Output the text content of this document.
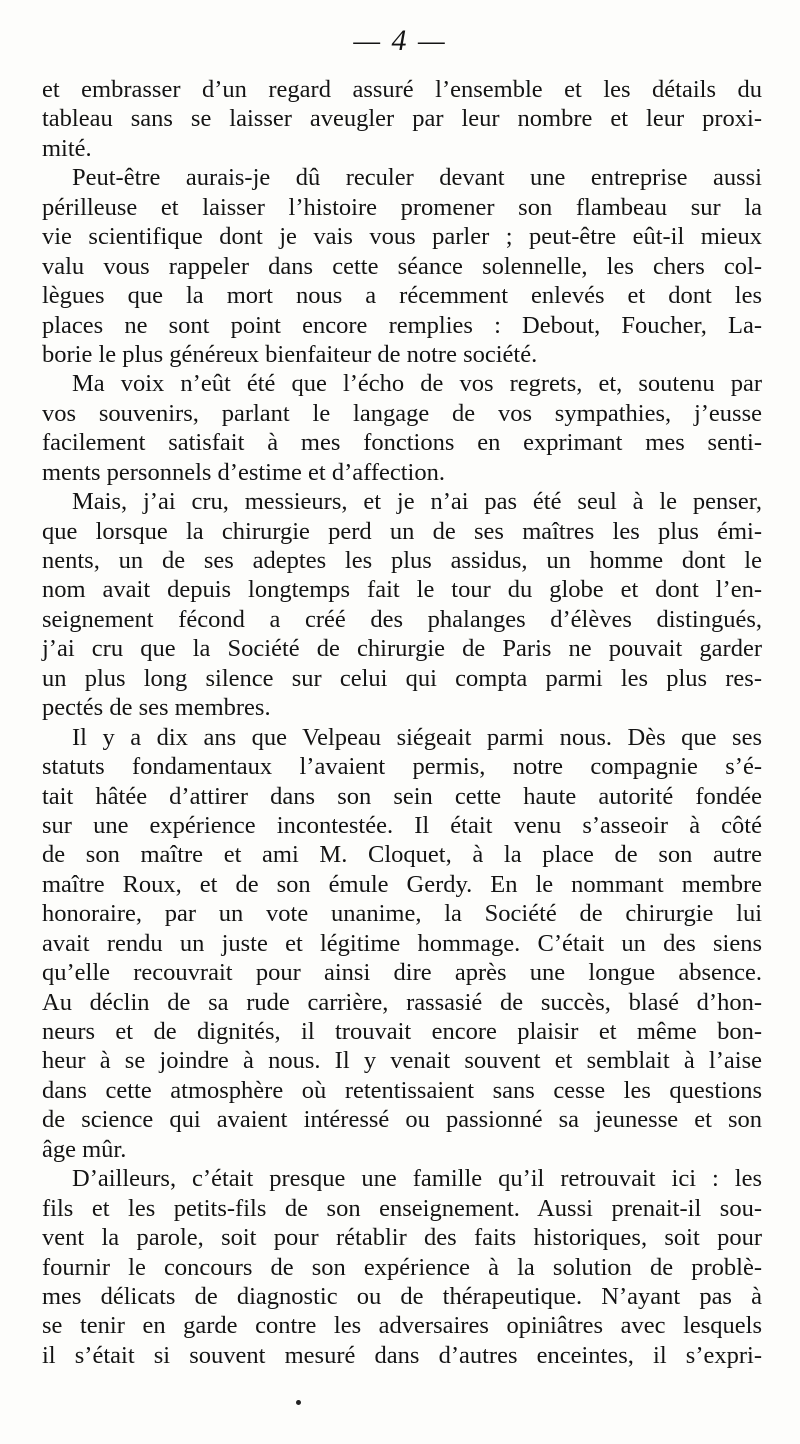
— 4 —
et embrasser d’un regard assuré l’ensemble et les détails du
tableau sans se laisser aveugler par leur nombre et leur proxi-
mité.
Peut-être aurais-je dû reculer devant une entreprise aussi
périlleuse et laisser l’histoire promener son flambeau sur la
vie scientifique dont je vais vous parler ; peut-être eût-il mieux
valu vous rappeler dans cette séance solennelle, les chers col-
lègues que la mort nous a récemment enlevés et dont les
places ne sont point encore remplies : Debout, Foucher, La-
borie le plus généreux bienfaiteur de notre société.
Ma voix n’eût été que l’écho de vos regrets, et, soutenu par
vos souvenirs, parlant le langage de vos sympathies, j’eusse
facilement satisfait à mes fonctions en exprimant mes senti-
ments personnels d’estime et d’affection.
Mais, j’ai cru, messieurs, et je n’ai pas été seul à le penser,
que lorsque la chirurgie perd un de ses maîtres les plus émi-
nents, un de ses adeptes les plus assidus, un homme dont le
nom avait depuis longtemps fait le tour du globe et dont l’en-
seignement fécond a créé des phalanges d’élèves distingués,
j’ai cru que la Société de chirurgie de Paris ne pouvait garder
un plus long silence sur celui qui compta parmi les plus res-
pectés de ses membres.
Il y a dix ans que Velpeau siégeait parmi nous. Dès que ses
statuts fondamentaux l’avaient permis, notre compagnie s’é-
tait hâtée d’attirer dans son sein cette haute autorité fondée
sur une expérience incontestée. Il était venu s’asseoir à côté
de son maître et ami M. Cloquet, à la place de son autre
maître Roux, et de son émule Gerdy. En le nommant membre
honoraire, par un vote unanime, la Société de chirurgie lui
avait rendu un juste et légitime hommage. C’était un des siens
qu’elle recouvrait pour ainsi dire après une longue absence.
Au déclin de sa rude carrière, rassasié de succès, blasé d’hon-
neurs et de dignités, il trouvait encore plaisir et même bon-
heur à se joindre à nous. Il y venait souvent et semblait à l’aise
dans cette atmosphère où retentissaient sans cesse les questions
de science qui avaient intéressé ou passionné sa jeunesse et son
âge mûr.
D’ailleurs, c’était presque une famille qu’il retrouvait ici : les
fils et les petits-fils de son enseignement. Aussi prenait-il sou-
vent la parole, soit pour rétablir des faits historiques, soit pour
fournir le concours de son expérience à la solution de problè-
mes délicats de diagnostic ou de thérapeutique. N’ayant pas à
se tenir en garde contre les adversaires opiniâtres avec lesquels
il s’était si souvent mesuré dans d’autres enceintes, il s’expri-
